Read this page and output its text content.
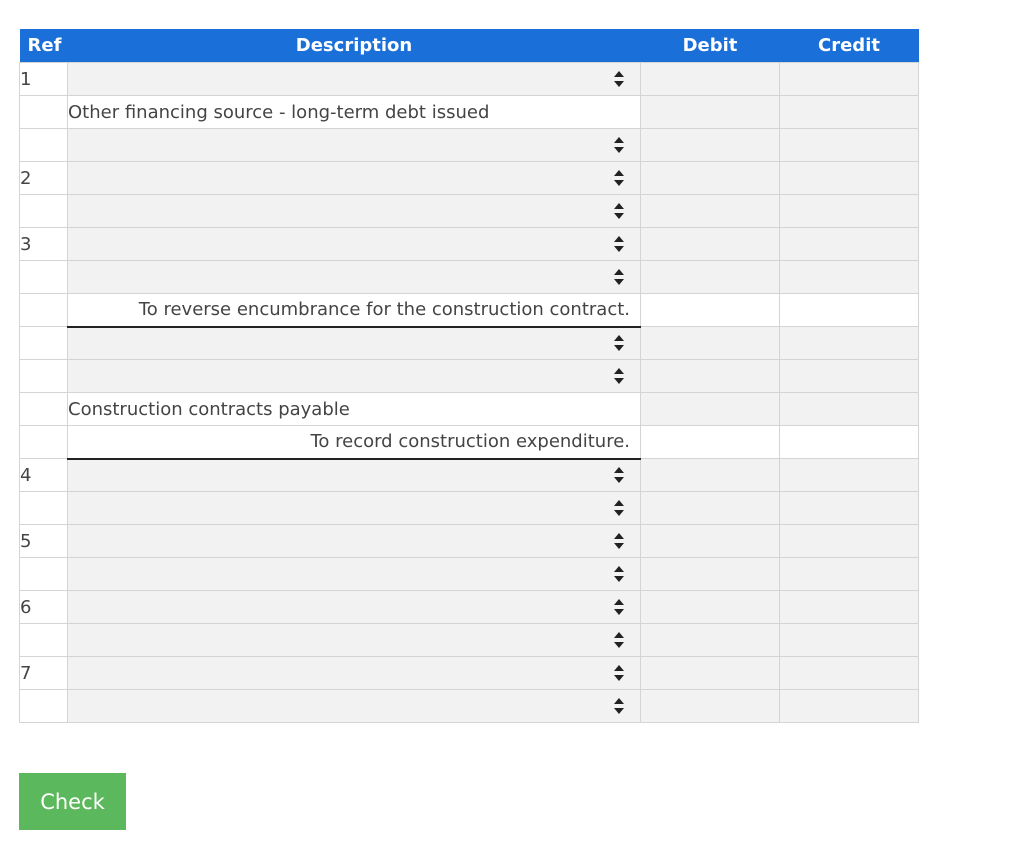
Ref	Description	Debit	Credit
1	

	Other financing source - long-term debt issued		

2	

3	

	To reverse encumbrance for the construction contract.		

	Construction contracts payable		
	To record construction expenditure.		
4	

5	

6	

7	

Check
